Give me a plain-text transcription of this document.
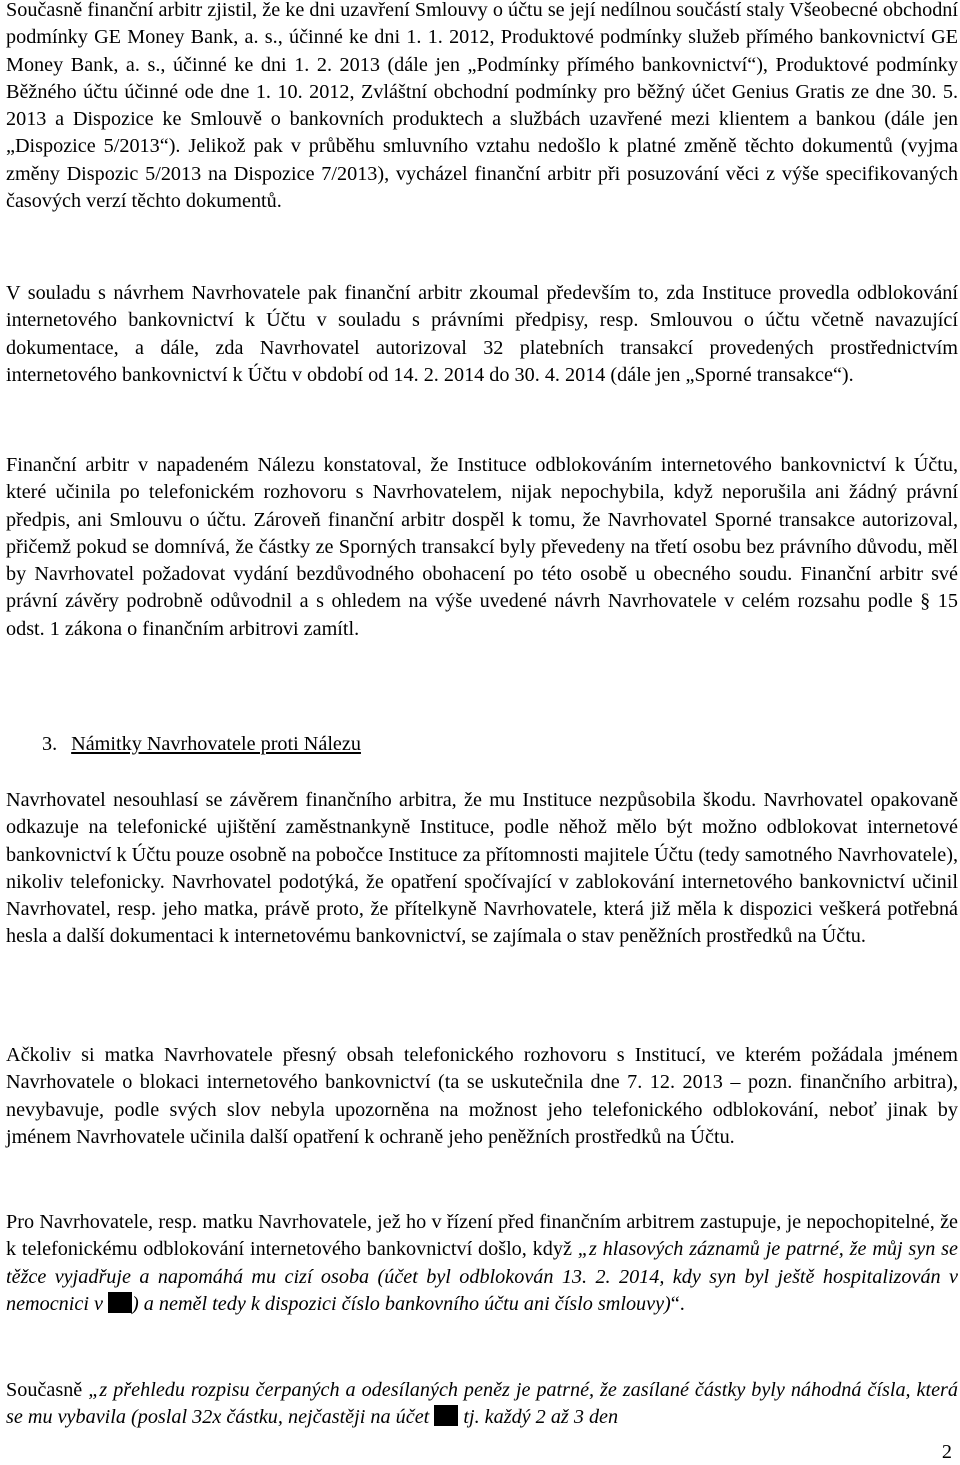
Současně finanční arbitr zjistil, že ke dni uzavření Smlouvy o účtu se její nedílnou součástí staly Všeobecné obchodní podmínky GE Money Bank, a. s., účinné ke dni 1. 1. 2012, Produktové podmínky služeb přímého bankovnictví GE Money Bank, a. s., účinné ke dni 1. 2. 2013 (dále jen „Podmínky přímého bankovnictví“), Produktové podmínky Běžného účtu účinné ode dne 1. 10. 2012, Zvláštní obchodní podmínky pro běžný účet Genius Gratis ze dne 30. 5. 2013 a Dispozice ke Smlouvě o bankovních produktech a službách uzavřené mezi klientem a bankou (dále jen „Dispozice 5/2013“). Jelikož pak v průběhu smluvního vztahu nedošlo k platné změně těchto dokumentů (vyjma změny Dispozic 5/2013 na Dispozice 7/2013), vycházel finanční arbitr při posuzování věci z výše specifikovaných časových verzí těchto dokumentů.

V souladu s návrhem Navrhovatele pak finanční arbitr zkoumal především to, zda Instituce provedla odblokování internetového bankovnictví k Účtu v souladu s právními předpisy, resp. Smlouvou o účtu včetně navazující dokumentace, a dále, zda Navrhovatel autorizoval 32 platebních transakcí provedených prostřednictvím internetového bankovnictví k Účtu v období od 14. 2. 2014 do 30. 4. 2014 (dále jen „Sporné transakce“).

Finanční arbitr v napadeném Nálezu konstatoval, že Instituce odblokováním internetového bankovnictví k Účtu, které učinila po telefonickém rozhovoru s Navrhovatelem, nijak nepochybila, když neporušila ani žádný právní předpis, ani Smlouvu o účtu. Zároveň finanční arbitr dospěl k tomu, že Navrhovatel Sporné transakce autorizoval, přičemž pokud se domnívá, že částky ze Sporných transakcí byly převedeny na třetí osobu bez právního důvodu, měl by Navrhovatel požadovat vydání bezdůvodného obohacení po této osobě u obecného soudu. Finanční arbitr své právní závěry podrobně odůvodnil a s ohledem na výše uvedené návrh Navrhovatele v celém rozsahu podle § 15 odst. 1 zákona o finančním arbitrovi zamítl.

3. Námitky Navrhovatele proti Nálezu

Navrhovatel nesouhlasí se závěrem finančního arbitra, že mu Instituce nezpůsobila škodu. Navrhovatel opakovaně odkazuje na telefonické ujištění zaměstnankyně Instituce, podle něhož mělo být možno odblokovat internetové bankovnictví k Účtu pouze osobně na pobočce Instituce za přítomnosti majitele Účtu (tedy samotného Navrhovatele), nikoliv telefonicky. Navrhovatel podotýká, že opatření spočívající v zablokování internetového bankovnictví učinil Navrhovatel, resp. jeho matka, právě proto, že přítelkyně Navrhovatele, která již měla k dispozici veškerá potřebná hesla a další dokumentaci k internetovému bankovnictví, se zajímala o stav peněžních prostředků na Účtu.

Ačkoliv si matka Navrhovatele přesný obsah telefonického rozhovoru s Institucí, ve kterém požádala jménem Navrhovatele o blokaci internetového bankovnictví (ta se uskutečnila dne 7. 12. 2013 – pozn. finančního arbitra), nevybavuje, podle svých slov nebyla upozorněna na možnost jeho telefonického odblokování, neboť jinak by jménem Navrhovatele učinila další opatření k ochraně jeho peněžních prostředků na Účtu.

Pro Navrhovatele, resp. matku Navrhovatele, jež ho v řízení před finančním arbitrem zastupuje, je nepochopitelné, že k telefonickému odblokování internetového bankovnictví došlo, když „z hlasových záznamů je patrné, že můj syn se těžce vyjadřuje a napomáhá mu cizí osoba (účet byl odblokován 13. 2. 2014, kdy syn byl ještě hospitalizován v nemocnici v ) a neměl tedy k dispozici číslo bankovního účtu ani číslo smlouvy)“.

Současně „z přehledu rozpisu čerpaných a odesílaných peněz je patrné, že zasílané částky byly náhodná čísla, která se mu vybavila (poslal 32x částku, nejčastěji na účet  tj. každý 2 až 3 den

2
